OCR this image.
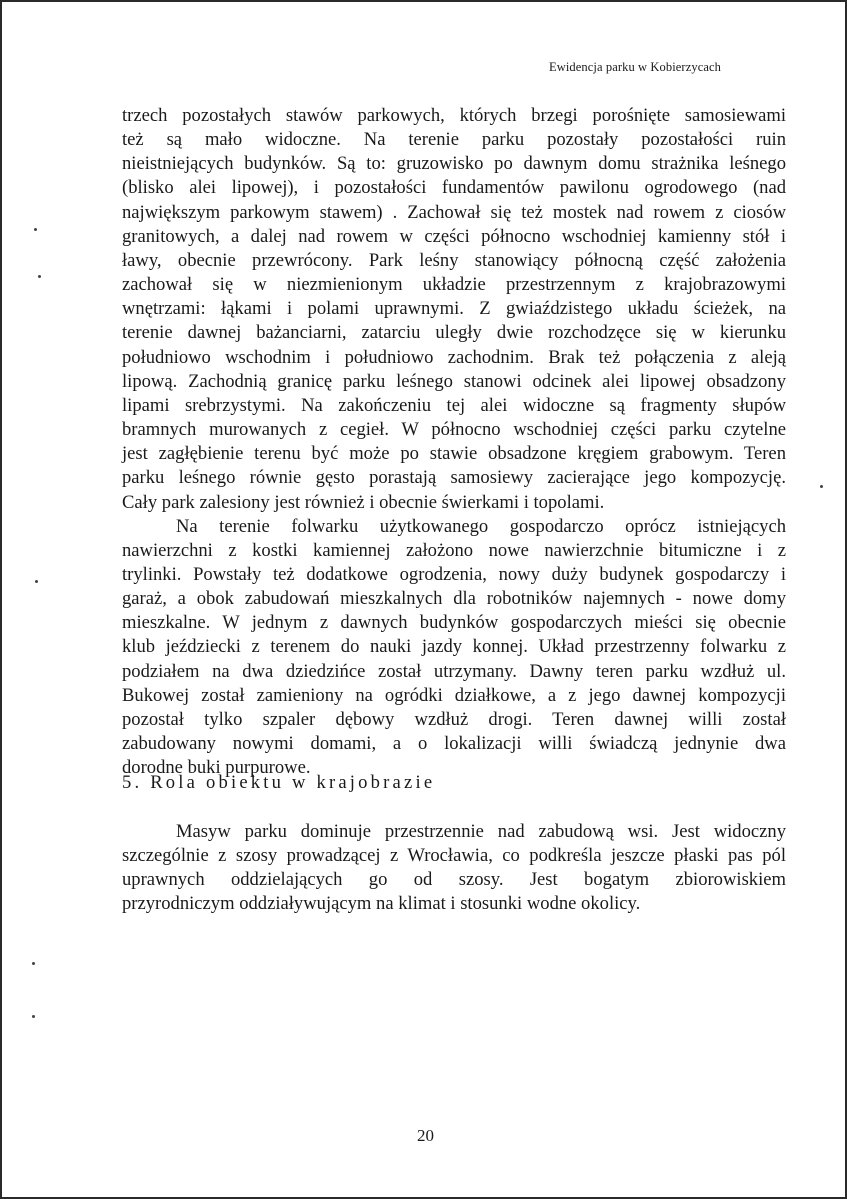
Ewidencja parku w Kobierzycach
trzech pozostałych stawów parkowych, których brzegi porośnięte samosiewami
też są mało widoczne. Na terenie parku pozostały pozostałości ruin
nieistniejących budynków. Są to: gruzowisko po dawnym domu strażnika leśnego
(blisko alei lipowej), i pozostałości fundamentów pawilonu ogrodowego (nad
największym parkowym stawem) . Zachował się też mostek nad rowem z ciosów
granitowych, a dalej nad rowem w części północno wschodniej kamienny stół i
ławy, obecnie przewrócony. Park leśny stanowiący północną część założenia
zachował się w niezmienionym układzie przestrzennym z krajobrazowymi
wnętrzami: łąkami i polami uprawnymi. Z gwiaździstego układu ścieżek, na
terenie dawnej bażanciarni, zatarciu uległy dwie rozchodzęce się w kierunku
południowo wschodnim i południowo zachodnim. Brak też połączenia z aleją
lipową. Zachodnią granicę parku leśnego stanowi odcinek alei lipowej obsadzony
lipami srebrzystymi. Na zakończeniu tej alei widoczne są fragmenty słupów
bramnych murowanych z cegieł. W północno wschodniej części parku czytelne
jest zagłębienie terenu być może po stawie obsadzone kręgiem grabowym. Teren
parku leśnego równie gęsto porastają samosiewy zacierające jego kompozycję.
Cały park zalesiony jest również i obecnie świerkami i topolami.
Na terenie folwarku użytkowanego gospodarczo oprócz istniejących
nawierzchni z kostki kamiennej założono nowe nawierzchnie bitumiczne i z
trylinki. Powstały też dodatkowe ogrodzenia, nowy duży budynek gospodarczy i
garaż, a obok zabudowań mieszkalnych dla robotników najemnych - nowe domy
mieszkalne. W jednym z dawnych budynków gospodarczych mieści się obecnie
klub jeździecki z terenem do nauki jazdy konnej. Układ przestrzenny folwarku z
podziałem na dwa dziedzińce został utrzymany. Dawny teren parku wzdłuż ul.
Bukowej został zamieniony na ogródki działkowe, a z jego dawnej kompozycji
pozostał tylko szpaler dębowy wzdłuż drogi. Teren dawnej willi został
zabudowany nowymi domami, a o lokalizacji willi świadczą jednynie dwa
dorodne buki purpurowe.
5. Rola obiektu w krajobrazie
Masyw parku dominuje przestrzennie nad zabudową wsi. Jest widoczny
szczególnie z szosy prowadzącej z Wrocławia, co podkreśla jeszcze płaski pas pól
uprawnych oddzielających go od szosy. Jest bogatym zbiorowiskiem
przyrodniczym oddziaływującym na klimat i stosunki wodne okolicy.
20
